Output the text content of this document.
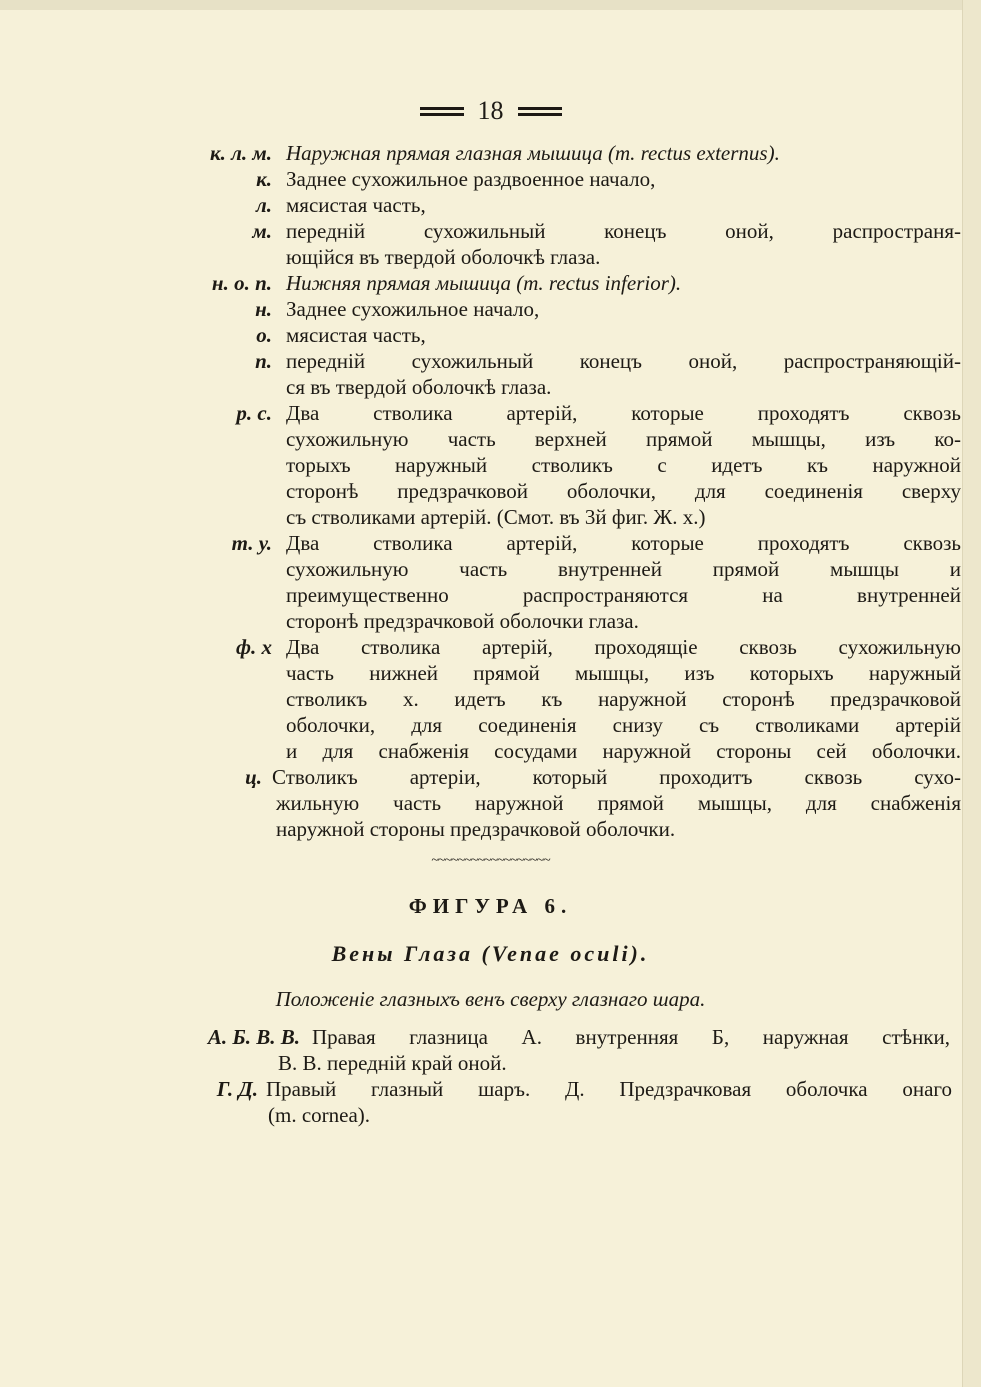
18
к. л. м. Наружная прямая глазная мышица (m. rectus externus).
к. Заднее сухожильное раздвоенное начало,
л. мясистая часть,
м. передній сухожильный конецъ оной, распространя-
ющійся въ твердой оболочкѣ глаза.
н. о. п. Нижняя прямая мышица (m. rectus inferior).
н. Заднее сухожильное начало,
о. мясистая часть,
п. передній сухожильный конецъ оной, распространяющій-
ся въ твердой оболочкѣ глаза.
р. с. Два стволика артерій, которые проходятъ сквозь
сухожильную часть верхней прямой мышцы, изъ ко-
торыхъ наружный стволикъ с идетъ къ наружной
сторонѣ предзрачковой оболочки, для соединенія сверху
съ стволиками артерій. (Смот. въ 3й фиг. Ж. х.)
т. у. Два стволика артерій, которые проходятъ сквозь
сухожильную часть внутренней прямой мышцы и
преимущественно распространяются на внутренней
сторонѣ предзрачковой оболочки глаза.
ф. х Два стволика артерій, проходящіе сквозь сухожильную
часть нижней прямой мышцы, изъ которыхъ наружный
стволикъ х. идетъ къ наружной сторонѣ предзрачковой
оболочки, для соединенія снизу съ стволиками артерій
и для снабженія сосудами наружной стороны сей оболочки.
ц. Стволикъ артеріи, который проходитъ сквозь сухо-
жильную часть наружной прямой мышцы, для снабженія
наружной стороны предзрачковой оболочки.
~~~~~~~~~~~~~~~~~~
ФИГУРА 6.
Вены Глаза (Venae oculi).
Положеніе глазныхъ венъ сверху глазнаго шара.
А. Б. В. В. Правая глазница А. внутренняя Б, наружная стѣнки,
В. В. передній край оной.
Г. Д. Правый глазный шаръ. Д. Предзрачковая оболочка онаго
(m. cornea).
